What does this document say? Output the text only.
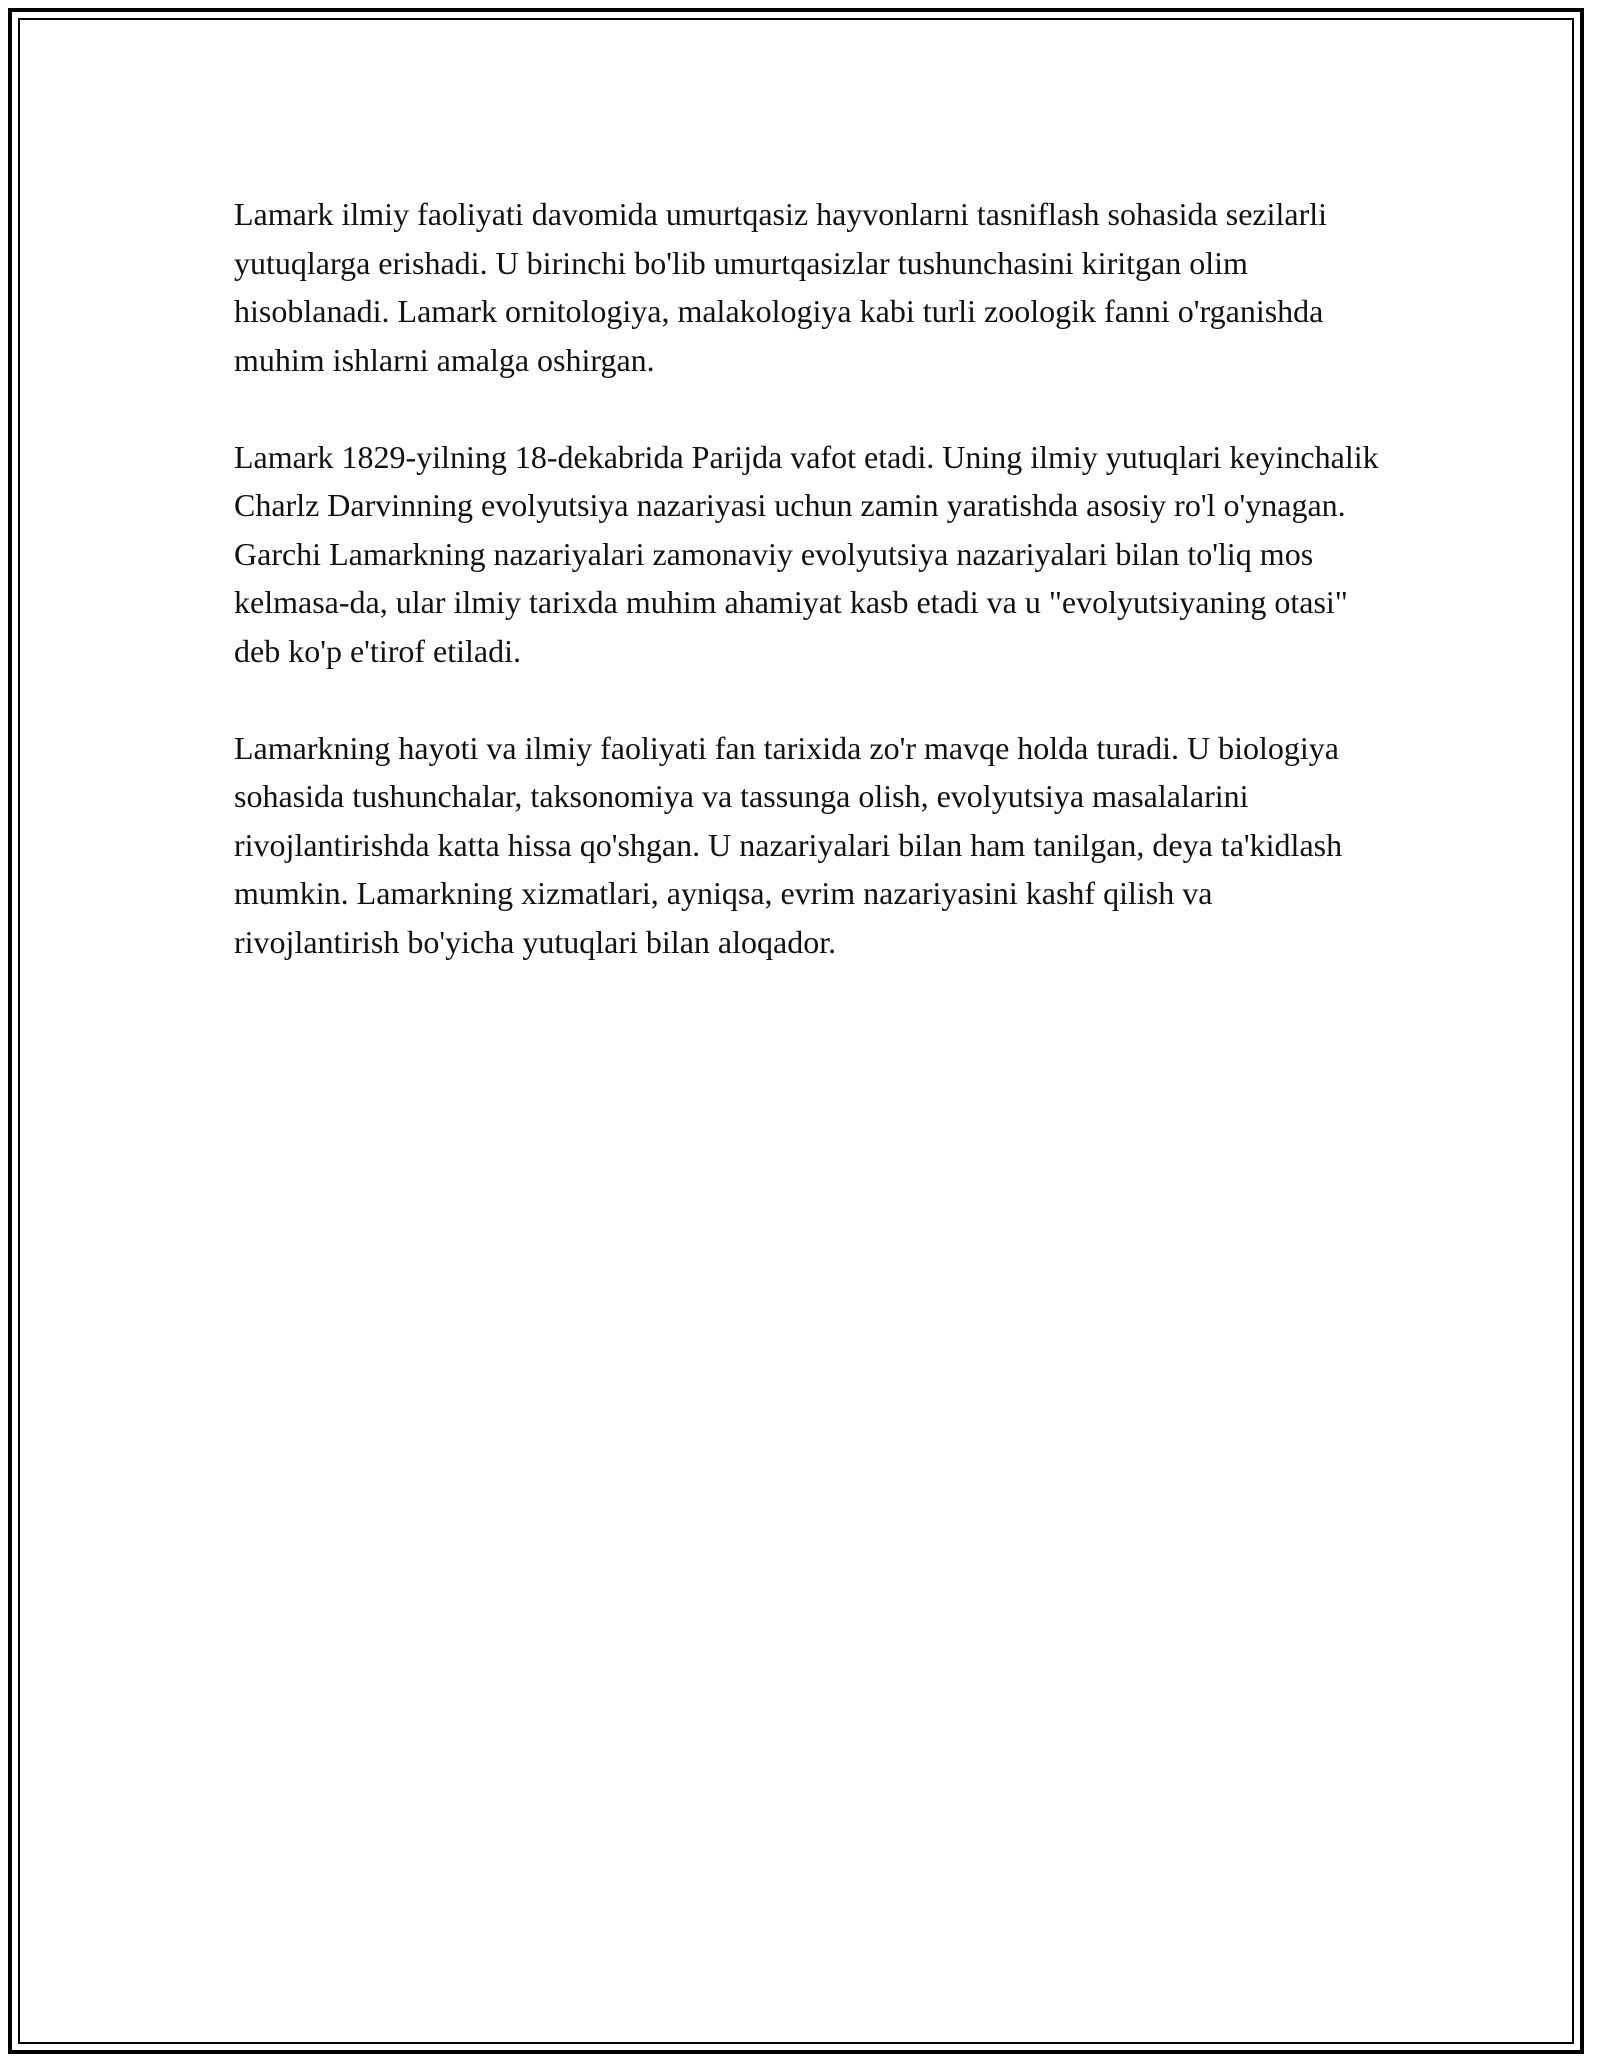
Lamark ilmiy faoliyati davomida umurtqasiz hayvonlarni tasniflash sohasida sezilarli yutuqlarga erishadi. U birinchi bo'lib umurtqasizlar tushunchasini kiritgan olim hisoblanadi. Lamark ornitologiya, malakologiya kabi turli zoologik fanni o'rganishda muhim ishlarni amalga oshirgan.

Lamark 1829-yilning 18-dekabrida Parijda vafot etadi. Uning ilmiy yutuqlari keyinchalik Charlz Darvinning evolyutsiya nazariyasi uchun zamin yaratishda asosiy ro'l o'ynagan. Garchi Lamarkning nazariyalari zamonaviy evolyutsiya nazariyalari bilan to'liq mos kelmasa-da, ular ilmiy tarixda muhim ahamiyat kasb etadi va u "evolyutsiyaning otasi" deb ko'p e'tirof etiladi.

Lamarkning hayoti va ilmiy faoliyati fan tarixida zo'r mavqe holda turadi. U biologiya sohasida tushunchalar, taksonomiya va tassunga olish, evolyutsiya masalalarini rivojlantirishda katta hissa qo'shgan. U nazariyalari bilan ham tanilgan, deya ta'kidlash mumkin. Lamarkning xizmatlari, ayniqsa, evrim nazariyasini kashf qilish va rivojlantirish bo'yicha yutuqlari bilan aloqador.
